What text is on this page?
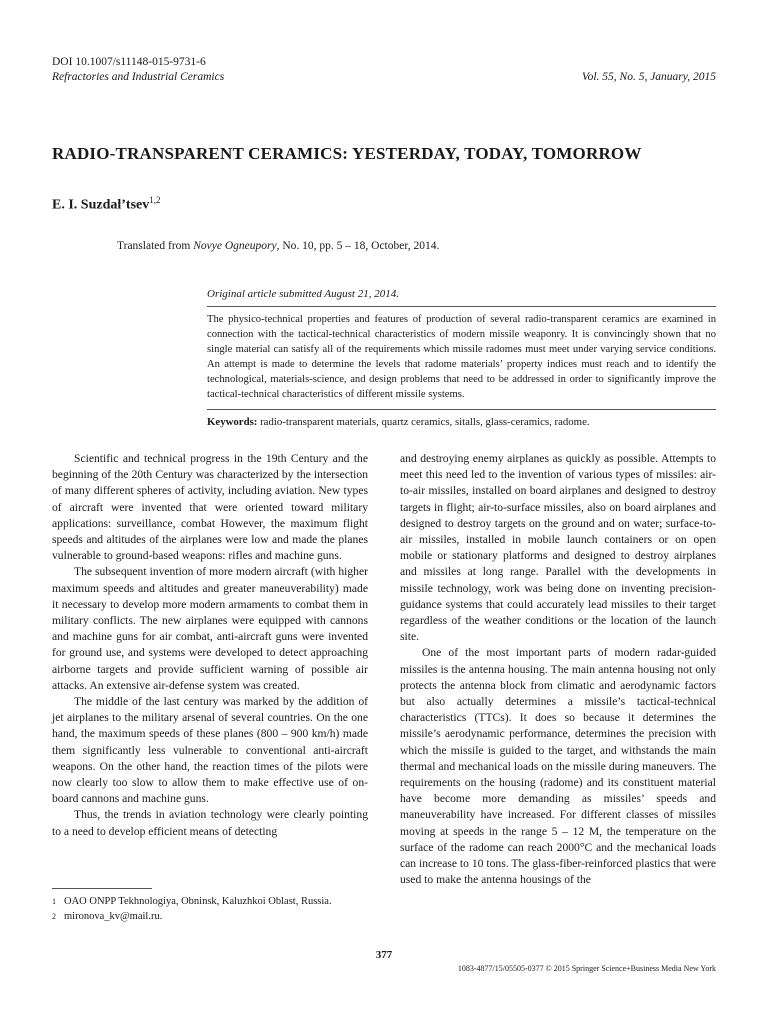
DOI 10.1007/s11148-015-9731-6
Refractories and Industrial Ceramics	Vol. 55, No. 5, January, 2015
RADIO-TRANSPARENT CERAMICS: YESTERDAY, TODAY, TOMORROW
E. I. Suzdal’tsev$^{1,2}$
Translated from Novye Ogneupory, No. 10, pp. 5 – 18, October, 2014.
Original article submitted August 21, 2014.
The physico-technical properties and features of production of several radio-transparent ceramics are examined in connection with the tactical-technical characteristics of modern missile weaponry. It is convincingly shown that no single material can satisfy all of the requirements which missile radomes must meet under varying service conditions. An attempt is made to determine the levels that radome materials’ property indices must reach and to identify the technological, materials-science, and design problems that need to be addressed in order to significantly improve the tactical-technical characteristics of different missile systems.
Keywords: radio-transparent materials, quartz ceramics, sitalls, glass-ceramics, radome.

Scientific and technical progress in the 19th Century and the beginning of the 20th Century was characterized by the intersection of many different spheres of activity, including aviation. New types of aircraft were invented that were oriented toward military applications: surveillance, combat However, the maximum flight speeds and altitudes of the airplanes were low and made the planes vulnerable to ground-based weapons: rifles and machine guns.

The subsequent invention of more modern aircraft (with higher maximum speeds and altitudes and greater maneuverability) made it necessary to develop more modern armaments to combat them in military conflicts. The new airplanes were equipped with cannons and machine guns for air combat, anti-aircraft guns were invented for ground use, and systems were developed to detect approaching airborne targets and provide sufficient warning of possible air attacks. An extensive air-defense system was created.

The middle of the last century was marked by the addition of jet airplanes to the military arsenal of several countries. On the one hand, the maximum speeds of these planes (800 – 900 km/h) made them significantly less vulnerable to conventional anti-aircraft weapons. On the other hand, the reaction times of the pilots were now clearly too slow to allow them to make effective use of on-board cannons and machine guns.

Thus, the trends in aviation technology were clearly pointing to a need to develop efficient means of detecting

and destroying enemy airplanes as quickly as possible. Attempts to meet this need led to the invention of various types of missiles: air-to-air missiles, installed on board airplanes and designed to destroy targets in flight; air-to-surface missiles, also on board airplanes and designed to destroy targets on the ground and on water; surface-to-air missiles, installed in mobile launch containers or on open mobile or stationary platforms and designed to destroy airplanes and missiles at long range. Parallel with the developments in missile technology, work was being done on inventing precision-guidance systems that could accurately lead missiles to their target regardless of the weather conditions or the location of the launch site.

One of the most important parts of modern radar-guided missiles is the antenna housing. The main antenna housing not only protects the antenna block from climatic and aerodynamic factors but also actually determines a missile’s tactical-technical characteristics (TTCs). It does so because it determines the missile’s aerodynamic performance, determines the precision with which the missile is guided to the target, and withstands the main thermal and mechanical loads on the missile during maneuvers. The requirements on the housing (radome) and its constituent material have become more demanding as missiles’ speeds and maneuverability have increased. For different classes of missiles moving at speeds in the range 5 – 12 M, the temperature on the surface of the radome can reach 2000°C and the mechanical loads can increase to 10 tons. The glass-fiber-reinforced plastics that were used to make the antenna housings of the

1 OAO ONPP Tekhnologiya, Obninsk, Kaluzhkoi Oblast, Russia.
2 mironova_kv@mail.ru.
377
1083-4877/15/05505-0377 © 2015 Springer Science+Business Media New York
